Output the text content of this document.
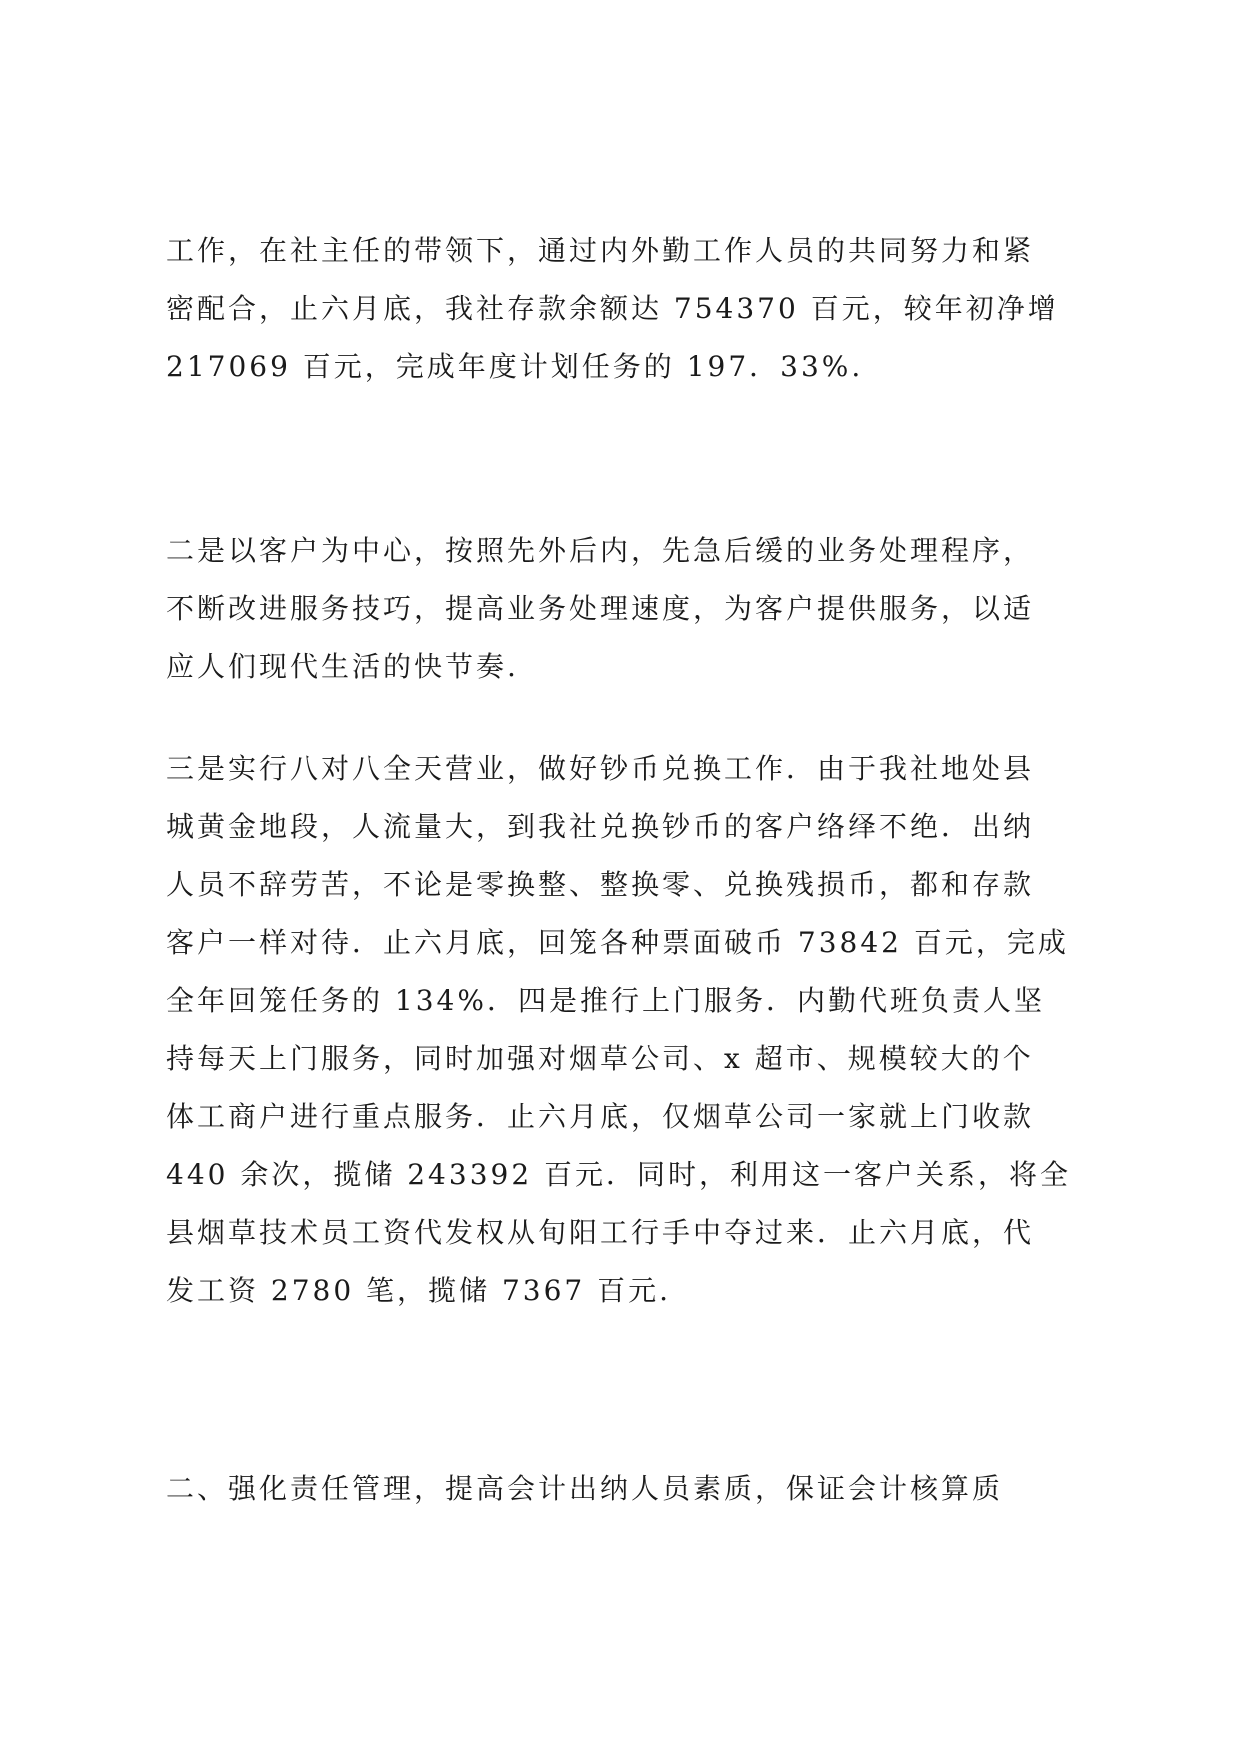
工作，在社主任的带领下，通过内外勤工作人员的共同努力和紧
密配合，止六月底，我社存款余额达 754370 百元，较年初净增
217069 百元，完成年度计划任务的 197．33%.
二是以客户为中心，按照先外后内，先急后缓的业务处理程序，
不断改进服务技巧，提高业务处理速度，为客户提供服务，以适
应人们现代生活的快节奏.
三是实行八对八全天营业，做好钞币兑换工作．由于我社地处县
城黄金地段，人流量大，到我社兑换钞币的客户络绎不绝．出纳
人员不辞劳苦，不论是零换整、整换零、兑换残损币，都和存款
客户一样对待．止六月底，回笼各种票面破币 73842 百元，完成
全年回笼任务的 134%．四是推行上门服务．内勤代班负责人坚
持每天上门服务，同时加强对烟草公司、x 超市、规模较大的个
体工商户进行重点服务．止六月底，仅烟草公司一家就上门收款
440 余次，揽储 243392 百元．同时，利用这一客户关系，将全
县烟草技术员工资代发权从旬阳工行手中夺过来．止六月底，代
发工资 2780 笔，揽储 7367 百元.
二、强化责任管理，提高会计出纳人员素质，保证会计核算质
